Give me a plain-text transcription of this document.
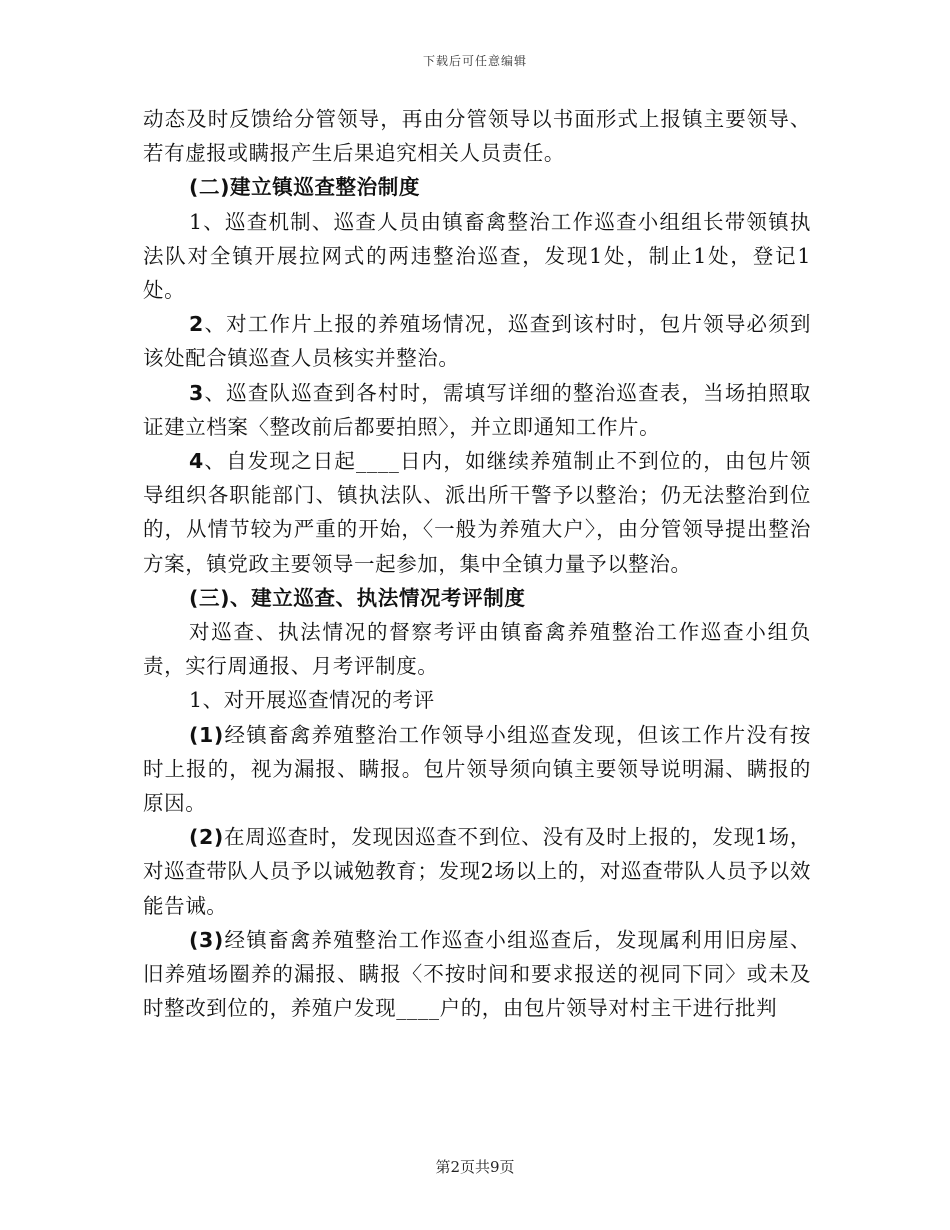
下载后可任意编辑

动态及时反馈给分管领导，再由分管领导以书面形式上报镇主要领导、若有虚报或瞒报产生后果追究相关人员责任。

(二)建立镇巡查整治制度

1、巡查机制、巡查人员由镇畜禽整治工作巡查小组组长带领镇执法队对全镇开展拉网式的两违整治巡查，发现1处，制止1处，登记1处。

2、对工作片上报的养殖场情况，巡查到该村时，包片领导必须到该处配合镇巡查人员核实并整治。

3、巡查队巡查到各村时，需填写详细的整治巡查表，当场拍照取证建立档案〈整改前后都要拍照〉，并立即通知工作片。

4、自发现之日起____日内，如继续养殖制止不到位的，由包片领导组织各职能部门、镇执法队、派出所干警予以整治；仍无法整治到位的，从情节较为严重的开始，〈一般为养殖大户〉，由分管领导提出整治方案，镇党政主要领导一起参加，集中全镇力量予以整治。

(三)、建立巡查、执法情况考评制度

对巡查、执法情况的督察考评由镇畜禽养殖整治工作巡查小组负责，实行周通报、月考评制度。

1、对开展巡查情况的考评

(1)经镇畜禽养殖整治工作领导小组巡查发现，但该工作片没有按时上报的，视为漏报、瞒报。包片领导须向镇主要领导说明漏、瞒报的原因。

(2)在周巡查时，发现因巡查不到位、没有及时上报的，发现1场，对巡查带队人员予以诫勉教育；发现2场以上的，对巡查带队人员予以效能告诫。

(3)经镇畜禽养殖整治工作巡查小组巡查后，发现属利用旧房屋、旧养殖场圈养的漏报、瞒报〈不按时间和要求报送的视同下同〉或未及时整改到位的，养殖户发现____户的，由包片领导对村主干进行批判

第2页共9页
